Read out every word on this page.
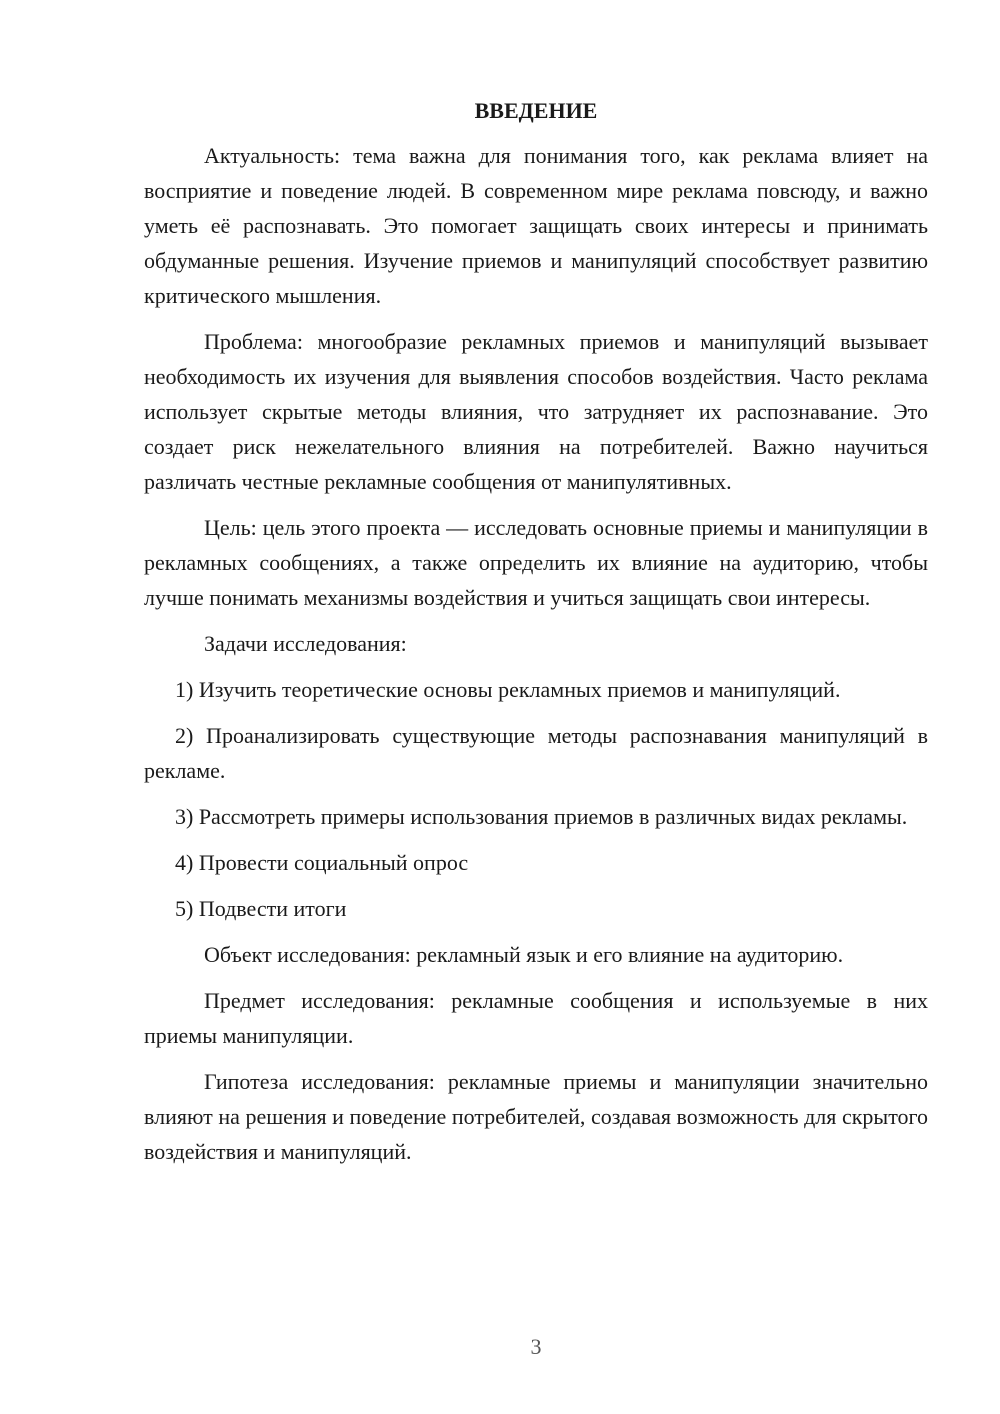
ВВЕДЕНИЕ

Актуальность: тема важна для понимания того, как реклама влияет на восприятие и поведение людей. В современном мире реклама повсюду, и важно уметь её распознавать. Это помогает защищать своих интересы и принимать обдуманные решения. Изучение приемов и манипуляций способствует развитию критического мышления.

Проблема: многообразие рекламных приемов и манипуляций вызывает необходимость их изучения для выявления способов воздействия. Часто реклама использует скрытые методы влияния, что затрудняет их распознавание. Это создает риск нежелательного влияния на потребителей. Важно научиться различать честные рекламные сообщения от манипулятивных.

Цель: цель этого проекта — исследовать основные приемы и манипуляции в рекламных сообщениях, а также определить их влияние на аудиторию, чтобы лучше понимать механизмы воздействия и учиться защищать свои интересы.

Задачи исследования:

1) Изучить теоретические основы рекламных приемов и манипуляций.

2) Проанализировать существующие методы распознавания манипуляций в рекламе.

3) Рассмотреть примеры использования приемов в различных видах рекламы.

4) Провести социальный опрос

5) Подвести итоги

Объект исследования: рекламный язык и его влияние на аудиторию.

Предмет исследования: рекламные сообщения и используемые в них приемы манипуляции.

Гипотеза исследования: рекламные приемы и манипуляции значительно влияют на решения и поведение потребителей, создавая возможность для скрытого воздействия и манипуляций.

3
